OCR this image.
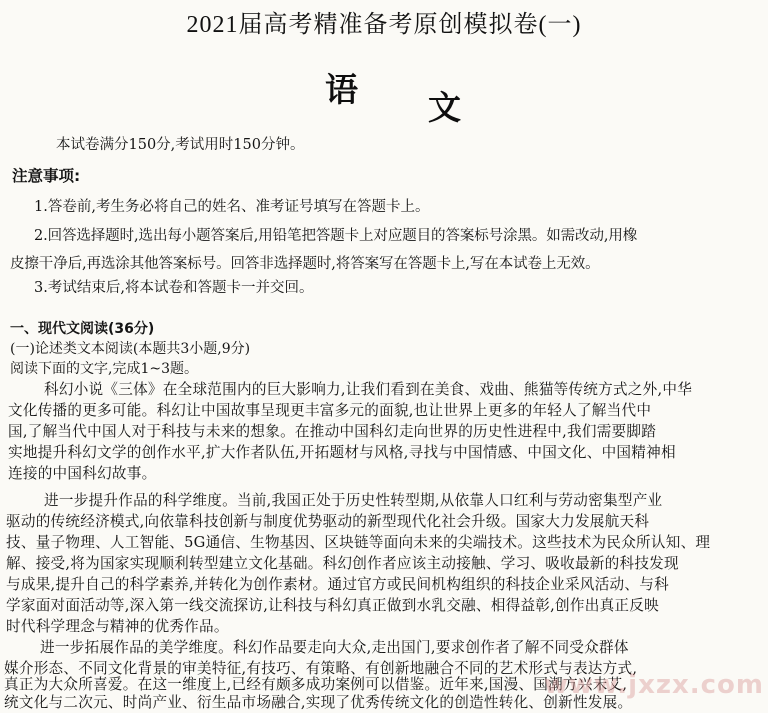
2021届高考精准备考原创模拟卷(一)
语 文
本试卷满分150分,考试用时150分钟。
注意事项:
1.答卷前,考生务必将自己的姓名、准考证号填写在答题卡上。
2.回答选择题时,选出每小题答案后,用铅笔把答题卡上对应题目的答案标号涂黑。如需改动,用橡
皮擦干净后,再选涂其他答案标号。回答非选择题时,将答案写在答题卡上,写在本试卷上无效。
3.考试结束后,将本试卷和答题卡一并交回。
一、现代文阅读(36分)
(一)论述类文本阅读(本题共3小题,9分)
阅读下面的文字,完成1~3题。
科幻小说《三体》在全球范围内的巨大影响力,让我们看到在美食、戏曲、熊猫等传统方式之外,中华
文化传播的更多可能。科幻让中国故事呈现更丰富多元的面貌,也让世界上更多的年轻人了解当代中
国,了解当代中国人对于科技与未来的想象。在推动中国科幻走向世界的历史性进程中,我们需要脚踏
实地提升科幻文学的创作水平,扩大作者队伍,开拓题材与风格,寻找与中国情感、中国文化、中国精神相
连接的中国科幻故事。
进一步提升作品的科学维度。当前,我国正处于历史性转型期,从依靠人口红利与劳动密集型产业
驱动的传统经济模式,向依靠科技创新与制度优势驱动的新型现代化社会升级。国家大力发展航天科
技、量子物理、人工智能、5G通信、生物基因、区块链等面向未来的尖端技术。这些技术为民众所认知、理
解、接受,将为国家实现顺利转型建立文化基础。科幻创作者应该主动接触、学习、吸收最新的科技发现
与成果,提升自己的科学素养,并转化为创作素材。通过官方或民间机构组织的科技企业采风活动、与科
学家面对面活动等,深入第一线交流探访,让科技与科幻真正做到水乳交融、相得益彰,创作出真正反映
时代科学理念与精神的优秀作品。
进一步拓展作品的美学维度。科幻作品要走向大众,走出国门,要求创作者了解不同受众群体
媒介形态、不同文化背景的审美特征,有技巧、有策略、有创新地融合不同的艺术形式与表达方式,
真正为大众所喜爱。在这一维度上,已经有颇多成功案例可以借鉴。近年来,国漫、国潮方兴未艾,
统文化与二次元、时尚产业、衍生品市场融合,实现了优秀传统文化的创造性转化、创新性发展。
www.jxzx.com
